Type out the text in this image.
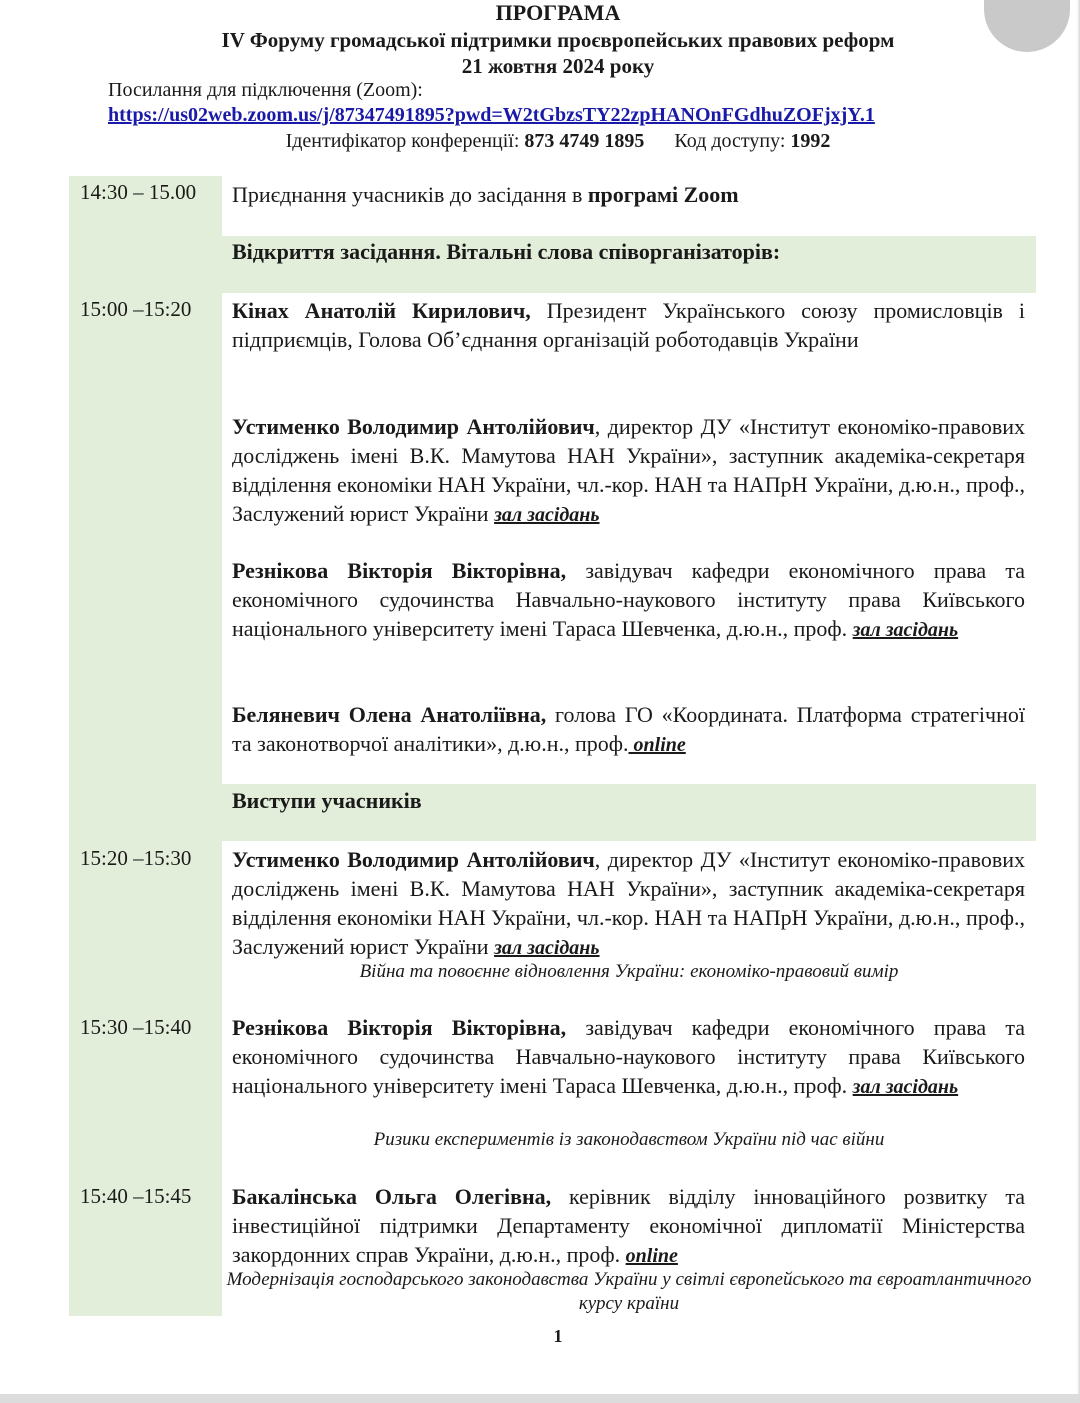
ПРОГРАМА
IV Форуму громадської підтримки проєвропейських правових реформ
21 жовтня 2024 року
Посилання для підключення (Zoom):
https://us02web.zoom.us/j/87347491895?pwd=W2tGbzsTY22zpHANOnFGdhuZOFjxjY.1
Ідентифікатор конференції: 873 4749 1895 Код доступу: 1992
14:30 – 15.00 Приєднання учасників до засідання в програмі Zoom
Відкриття засідання. Вітальні слова співорганізаторів:
15:00 –15:20 Кінах Анатолій Кирилович, Президент Українського союзу промисловців і підприємців, Голова Об’єднання організацій роботодавців України
Устименко Володимир Антолійович, директор ДУ «Інститут економіко-правових досліджень імені В.К. Мамутова НАН України», заступник академіка-секретаря відділення економіки НАН України, чл.-кор. НАН та НАПрН України, д.ю.н., проф., Заслужений юрист України зал засідань
Резнікова Вікторія Вікторівна, завідувач кафедри економічного права та економічного судочинства Навчально-наукового інституту права Київського національного університету імені Тараса Шевченка, д.ю.н., проф. зал засідань
Беляневич Олена Анатоліївна, голова ГО «Координата. Платформа стратегічної та законотворчої аналітики», д.ю.н., проф. online
Виступи учасників
15:20 –15:30 Устименко Володимир Антолійович, директор ДУ «Інститут економіко-правових досліджень імені В.К. Мамутова НАН України», заступник академіка-секретаря відділення економіки НАН України, чл.-кор. НАН та НАПрН України, д.ю.н., проф., Заслужений юрист України зал засідань
Війна та повоєнне відновлення України: економіко-правовий вимір
15:30 –15:40 Резнікова Вікторія Вікторівна, завідувач кафедри економічного права та економічного судочинства Навчально-наукового інституту права Київського національного університету імені Тараса Шевченка, д.ю.н., проф. зал засідань
Ризики експериментів із законодавством України під час війни
15:40 –15:45 Бакалінська Ольга Олегівна, керівник відділу інноваційного розвитку та інвестиційної підтримки Департаменту економічної дипломатії Міністерства закордонних справ України, д.ю.н., проф. online
Модернізація господарського законодавства України у світлі європейського та євроатлантичного курсу країни
1
